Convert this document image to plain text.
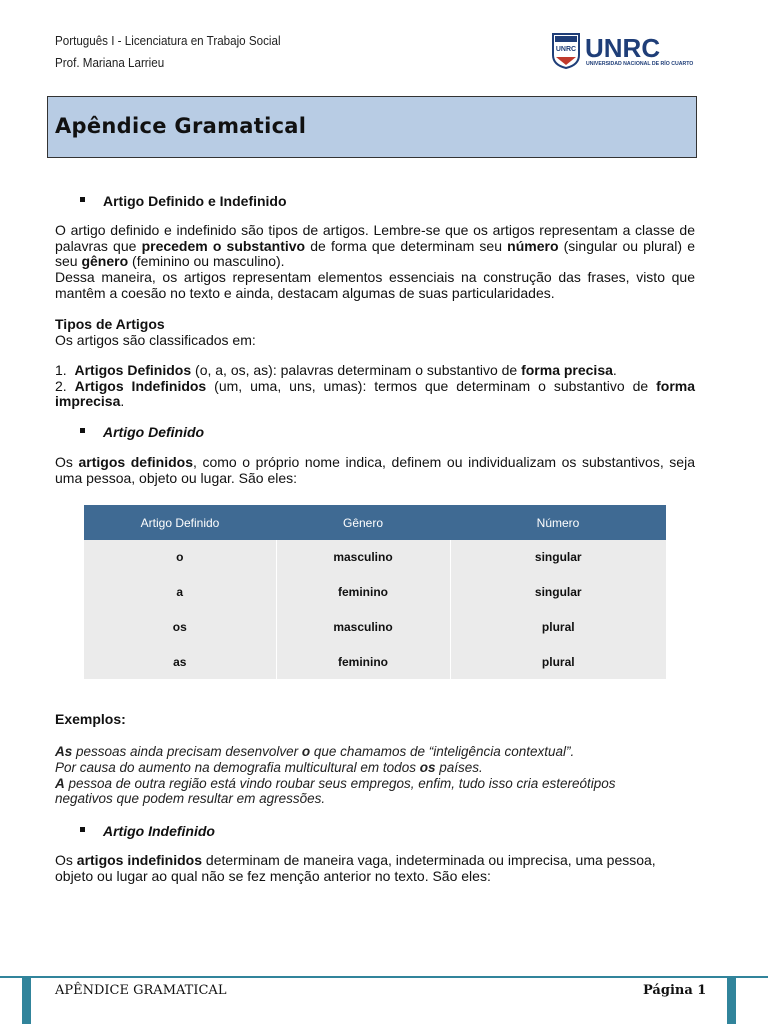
Português I - Licenciatura en Trabajo Social
Prof. Mariana Larrieu
UNRC UNRC
UNIVERSIDAD NACIONAL DE RÍO CUARTO
Apêndice Gramatical
Artigo Definido e Indefinido

O artigo definido e indefinido são tipos de artigos. Lembre-se que os artigos representam a classe de palavras que precedem o substantivo de forma que determinam seu número (singular ou plural) e seu gênero (feminino ou masculino).

Dessa maneira, os artigos representam elementos essenciais na construção das frases, visto que mantêm a coesão no texto e ainda, destacam algumas de suas particularidades.

Tipos de Artigos

Os artigos são classificados em:

1. Artigos Definidos (o, a, os, as): palavras determinam o substantivo de forma precisa.

2. Artigos Indefinidos (um, uma, uns, umas): termos que determinam o substantivo de forma imprecisa.

Artigo Definido

Os artigos definidos, como o próprio nome indica, definem ou individualizam os substantivos, seja uma pessoa, objeto ou lugar. São eles:

Artigo Definido	Gênero	Número
o	masculino	singular
a	feminino	singular
os	masculino	plural
as	feminino	plural
Exemplos:

As pessoas ainda precisam desenvolver o que chamamos de “inteligência contextual”.

Por causa do aumento na demografia multicultural em todos os países.

A pessoa de outra região está vindo roubar seus empregos, enfim, tudo isso cria estereótipos negativos que podem resultar em agressões.

Artigo Indefinido

Os artigos indefinidos determinam de maneira vaga, indeterminada ou imprecisa, uma pessoa, objeto ou lugar ao qual não se fez menção anterior no texto. São eles:

APÊNDICE GRAMATICAL	Página 1
